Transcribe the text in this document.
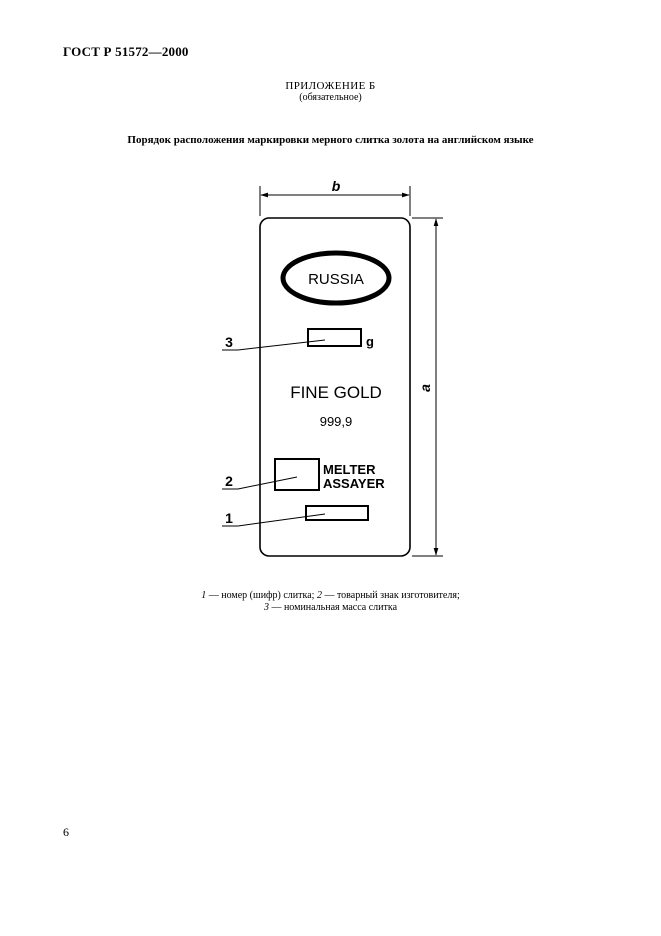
ГОСТ Р 51572—2000
ПРИЛОЖЕНИЕ Б
(обязательное)
Порядок расположения маркировки мерного слитка золота на английском языке
b
a
RUSSIA
g
FINE GOLD
999,9
MELTER
ASSAYER
3
2
1
1 — номер (шифр) слитка; 2 — товарный знак изготовителя;
3 — номинальная масса слитка
6
